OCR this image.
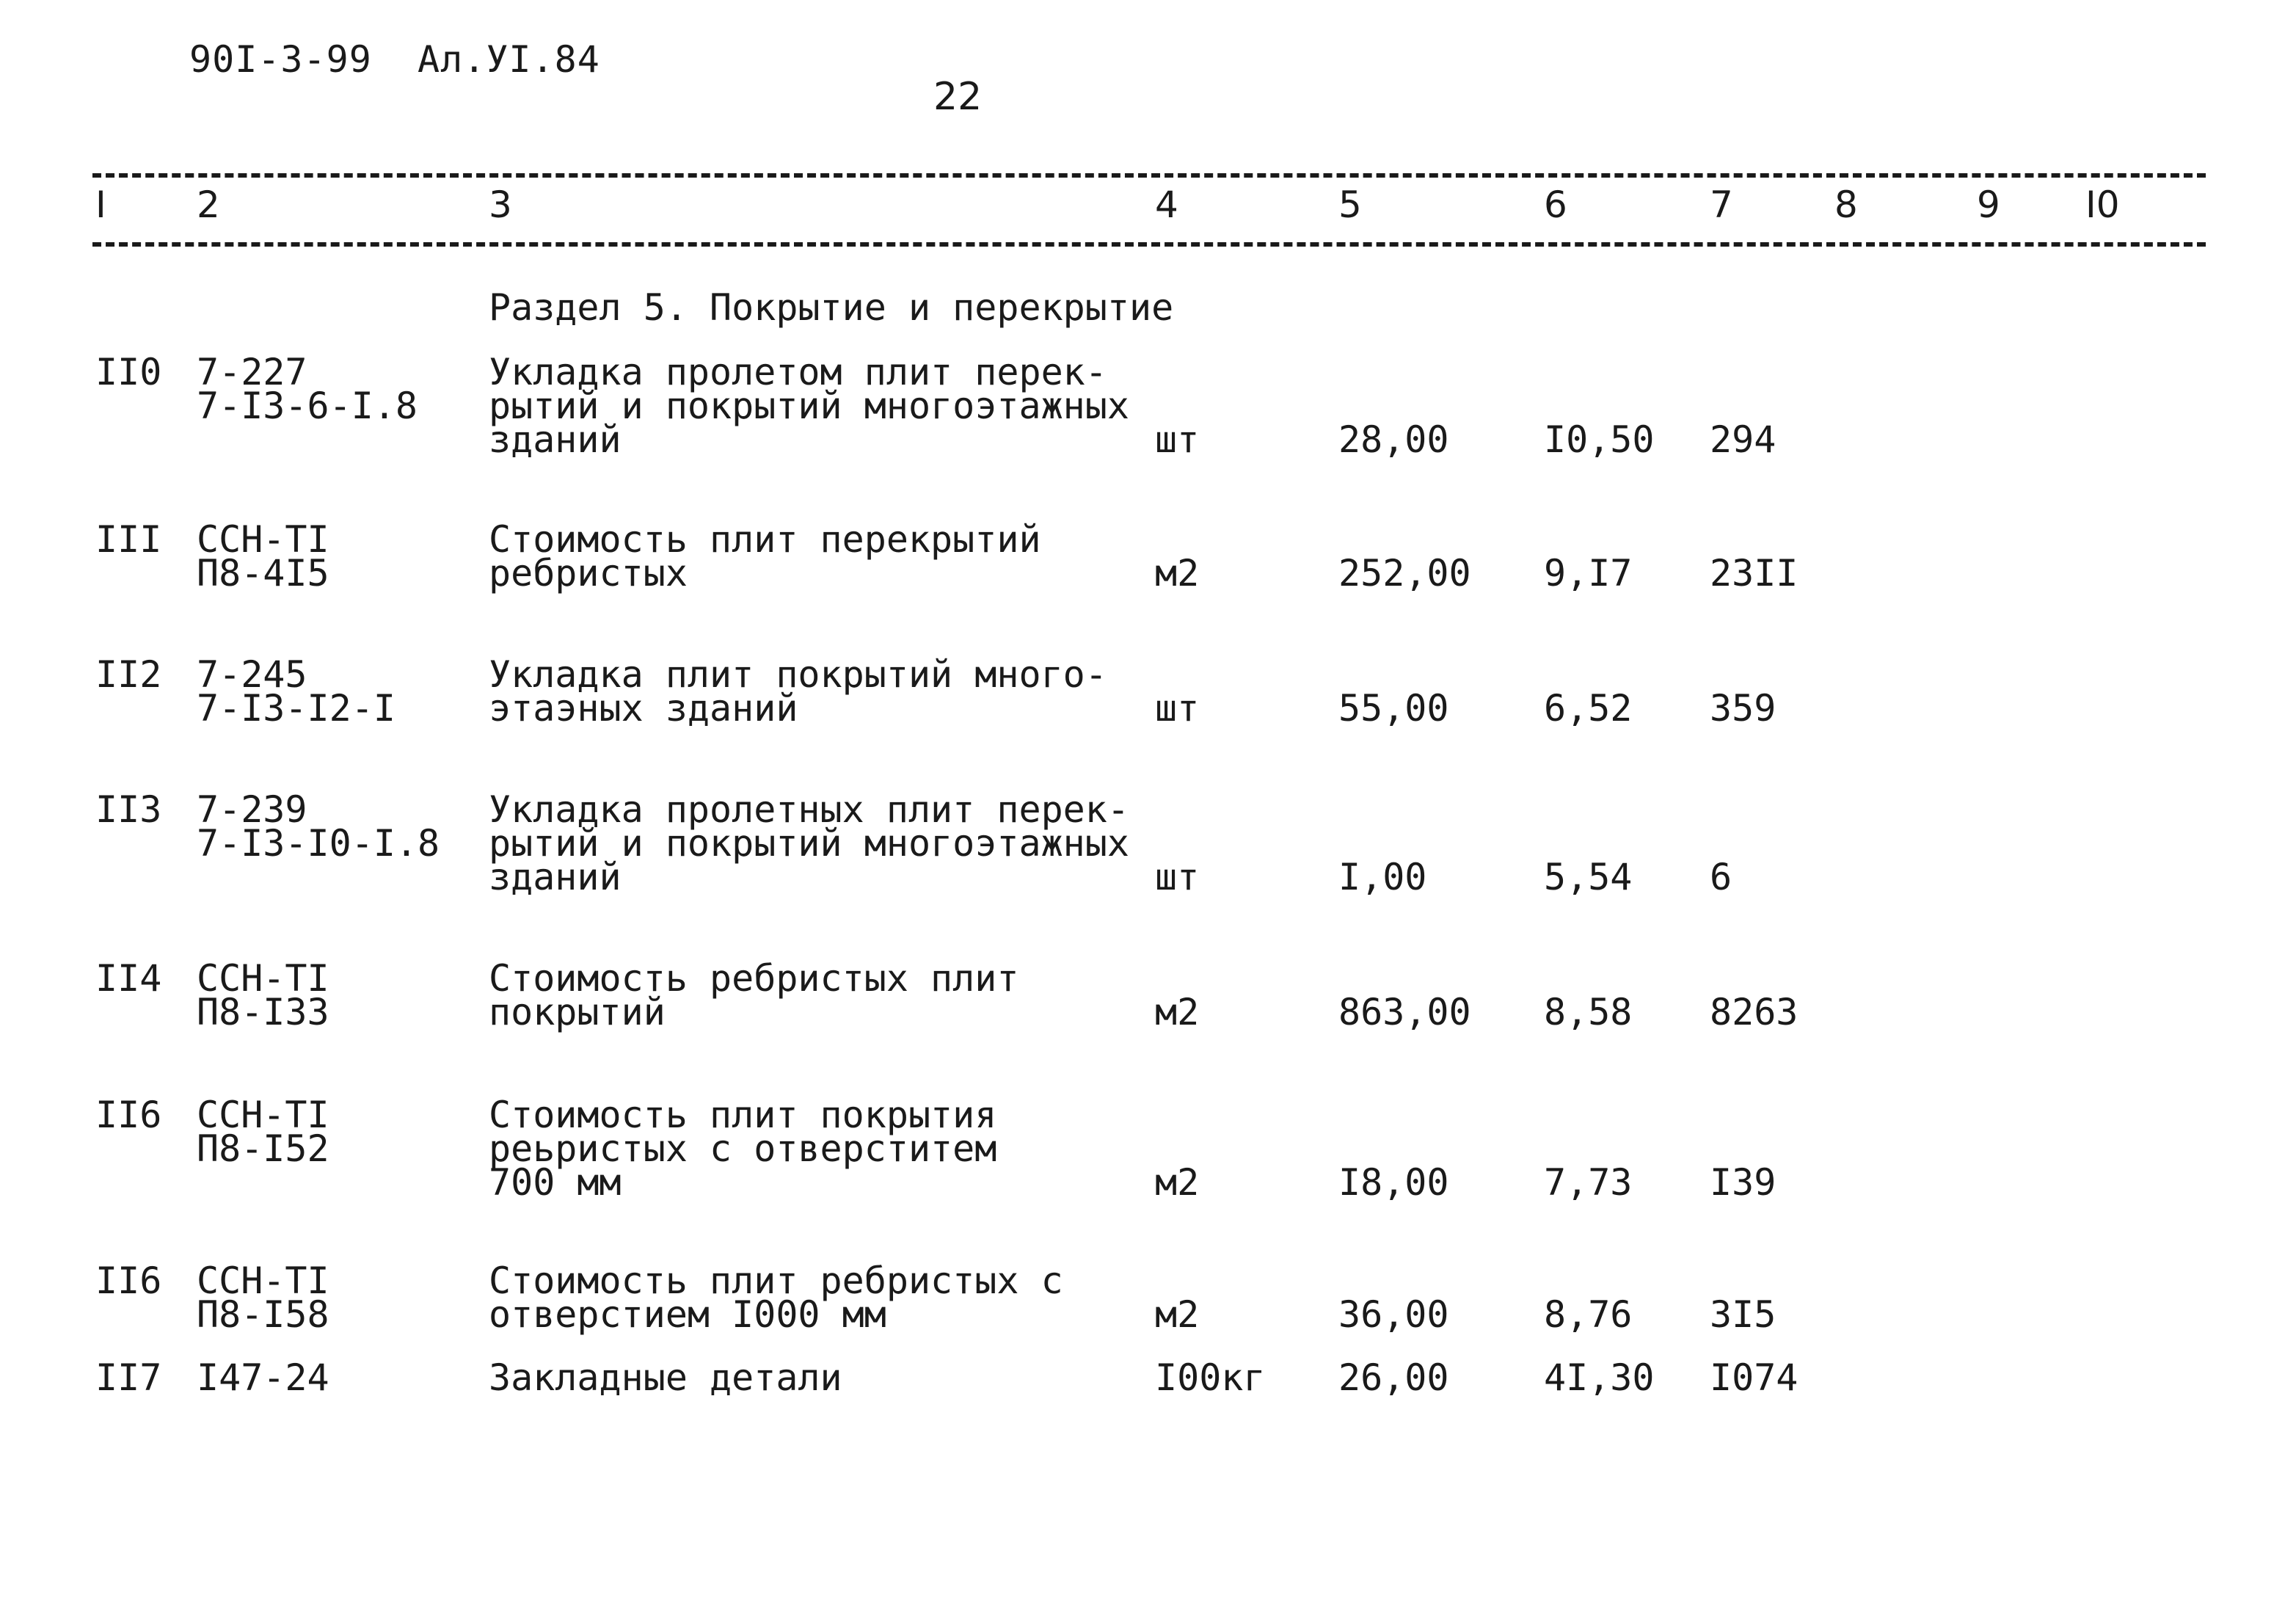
90I-3-99  Ал.УI.84
22
I 2	3	4	5	6	7	8	9 I0
Раздел 5. Покрытие и перекрытие
II0 7-227
7-I3-6-I.8
Укладка пролетом плит перек-
рытий и покрытий многоэтажных
зданий	шт	28,00	I0,50 294
III ССН-ТI
П8-4I5
Стоимость плит перекрытий
ребристых	м2	252,00 9,I7 23II
II2 7-245
7-I3-I2-I
Укладка плит покрытий много-
этаэных зданий	шт	55,00	6,52 359
II3 7-239
7-I3-I0-I.8
Укладка пролетных плит перек-
рытий и покрытий многоэтажных
зданий	шт	I,00	5,54 6
II4 ССН-ТI
П8-I33
Стоимость ребристых плит
покрытий	м2	863,00 8,58 8263
II6 ССН-ТI
П8-I52
Стоимость плит покрытия
реьристых с отверститем
700 мм	м2	I8,00	7,73 I39
II6 ССН-ТI
П8-I58
Стоимость плит ребристых с
отверстием I000 мм	м2	36,00	8,76 3I5
II7 I47-24	Закладные детали	I00кг 26,00	4I,30 I074
